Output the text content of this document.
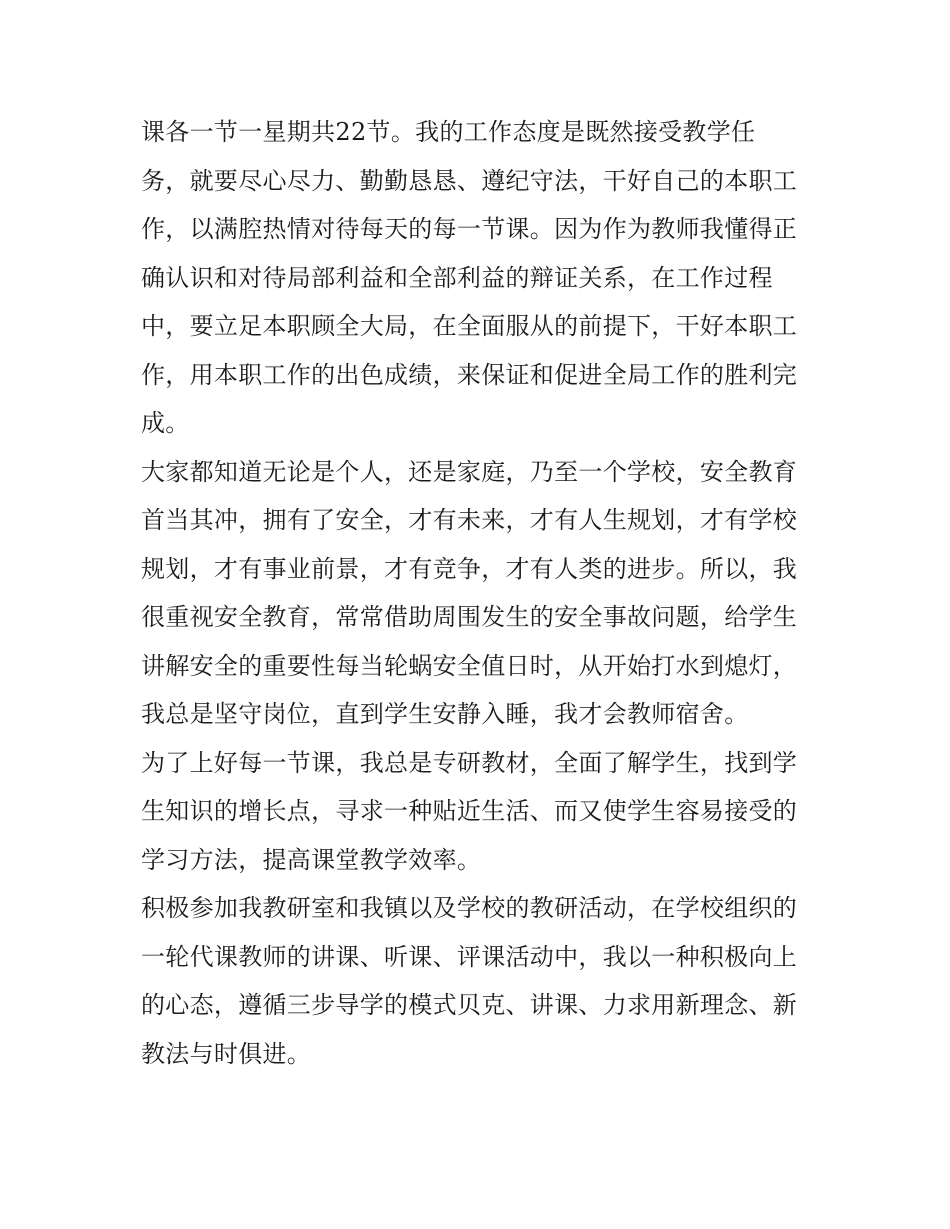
课各一节一星期共22节。我的工作态度是既然接受教学任
务，就要尽心尽力、勤勤恳恳、遵纪守法，干好自己的本职工
作，以满腔热情对待每天的每一节课。因为作为教师我懂得正
确认识和对待局部利益和全部利益的辩证关系，在工作过程
中，要立足本职顾全大局，在全面服从的前提下，干好本职工
作，用本职工作的出色成绩，来保证和促进全局工作的胜利完
成。
大家都知道无论是个人，还是家庭，乃至一个学校，安全教育
首当其冲，拥有了安全，才有未来，才有人生规划，才有学校
规划，才有事业前景，才有竞争，才有人类的进步。所以，我
很重视安全教育，常常借助周围发生的安全事故问题，给学生
讲解安全的重要性每当轮蜗安全值日时，从开始打水到熄灯，
我总是坚守岗位，直到学生安静入睡，我才会教师宿舍。
为了上好每一节课，我总是专研教材，全面了解学生，找到学
生知识的增长点，寻求一种贴近生活、而又使学生容易接受的
学习方法，提高课堂教学效率。
积极参加我教研室和我镇以及学校的教研活动，在学校组织的
一轮代课教师的讲课、听课、评课活动中，我以一种积极向上
的心态，遵循三步导学的模式贝克、讲课、力求用新理念、新
教法与时俱进。
